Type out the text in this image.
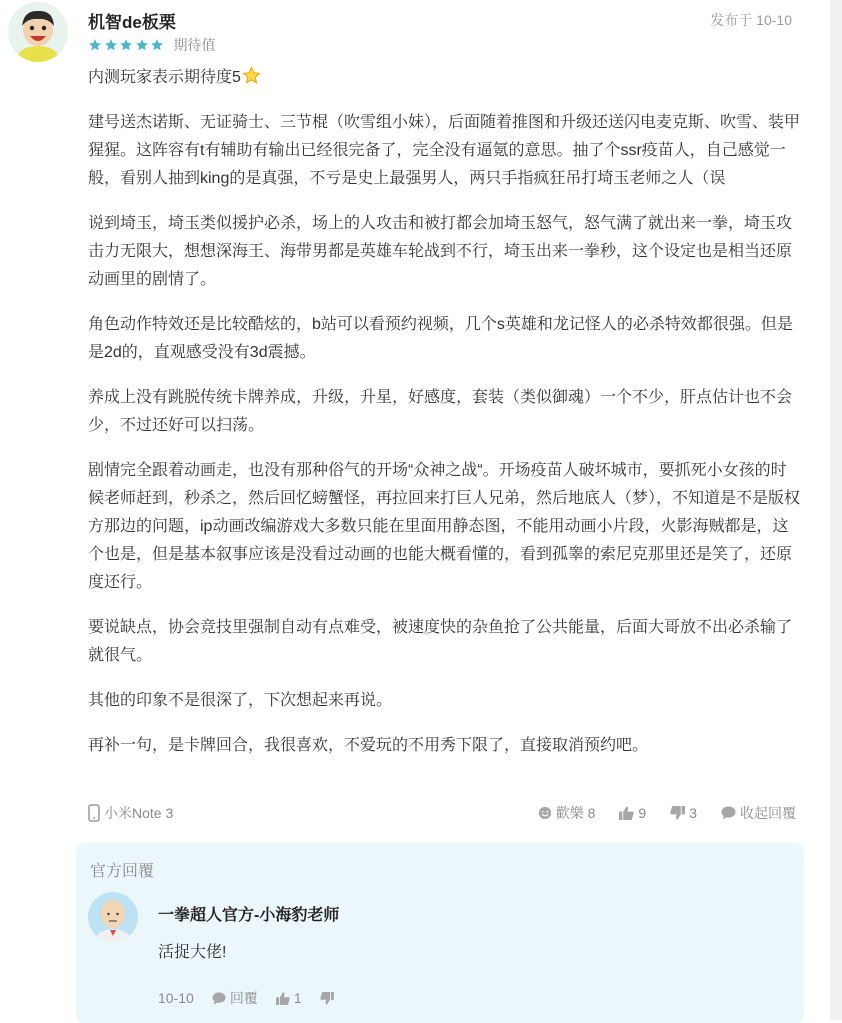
机智de板栗	发布于 10-10
期待值

内测玩家表示期待度5

建号送杰诺斯、无证骑士、三节棍（吹雪组小妹），后面随着推图和升级还送闪电麦克斯、吹雪、装甲猩猩。这阵容有t有辅助有输出已经很完备了，完全没有逼氪的意思。抽了个ssr疫苗人，自己感觉一般，看别人抽到king的是真强，不亏是史上最强男人，两只手指疯狂吊打埼玉老师之人（误

说到埼玉，埼玉类似援护必杀，场上的人攻击和被打都会加埼玉怒气，怒气满了就出来一拳，埼玉攻击力无限大，想想深海王、海带男都是英雄车轮战到不行，埼玉出来一拳秒，这个设定也是相当还原动画里的剧情了。

角色动作特效还是比较酷炫的，b站可以看预约视频，几个s英雄和龙记怪人的必杀特效都很强。但是是2d的，直观感受没有3d震撼。

养成上没有跳脱传统卡牌养成，升级，升星，好感度，套装（类似御魂）一个不少，肝点估计也不会少，不过还好可以扫荡。

剧情完全跟着动画走，也没有那种俗气的开场“众神之战“。开场疫苗人破坏城市，要抓死小女孩的时候老师赶到，秒杀之，然后回忆螃蟹怪，再拉回来打巨人兄弟，然后地底人（梦），不知道是不是版权方那边的问题，ip动画改编游戏大多数只能在里面用静态图，不能用动画小片段，火影海贼都是，这个也是，但是基本叙事应该是没看过动画的也能大概看懂的，看到孤睾的索尼克那里还是笑了，还原度还行。

要说缺点，协会竞技里强制自动有点难受，被速度快的杂鱼抢了公共能量，后面大哥放不出必杀输了就很气。

其他的印象不是很深了，下次想起来再说。

再补一句，是卡牌回合，我很喜欢，不爱玩的不用秀下限了，直接取消预约吧。

小米Note 3	歡樂 8	9	3	收起回覆
官方回覆
一拳超人官方-小海豹老师
活捉大佬!
10-10	回覆	1
